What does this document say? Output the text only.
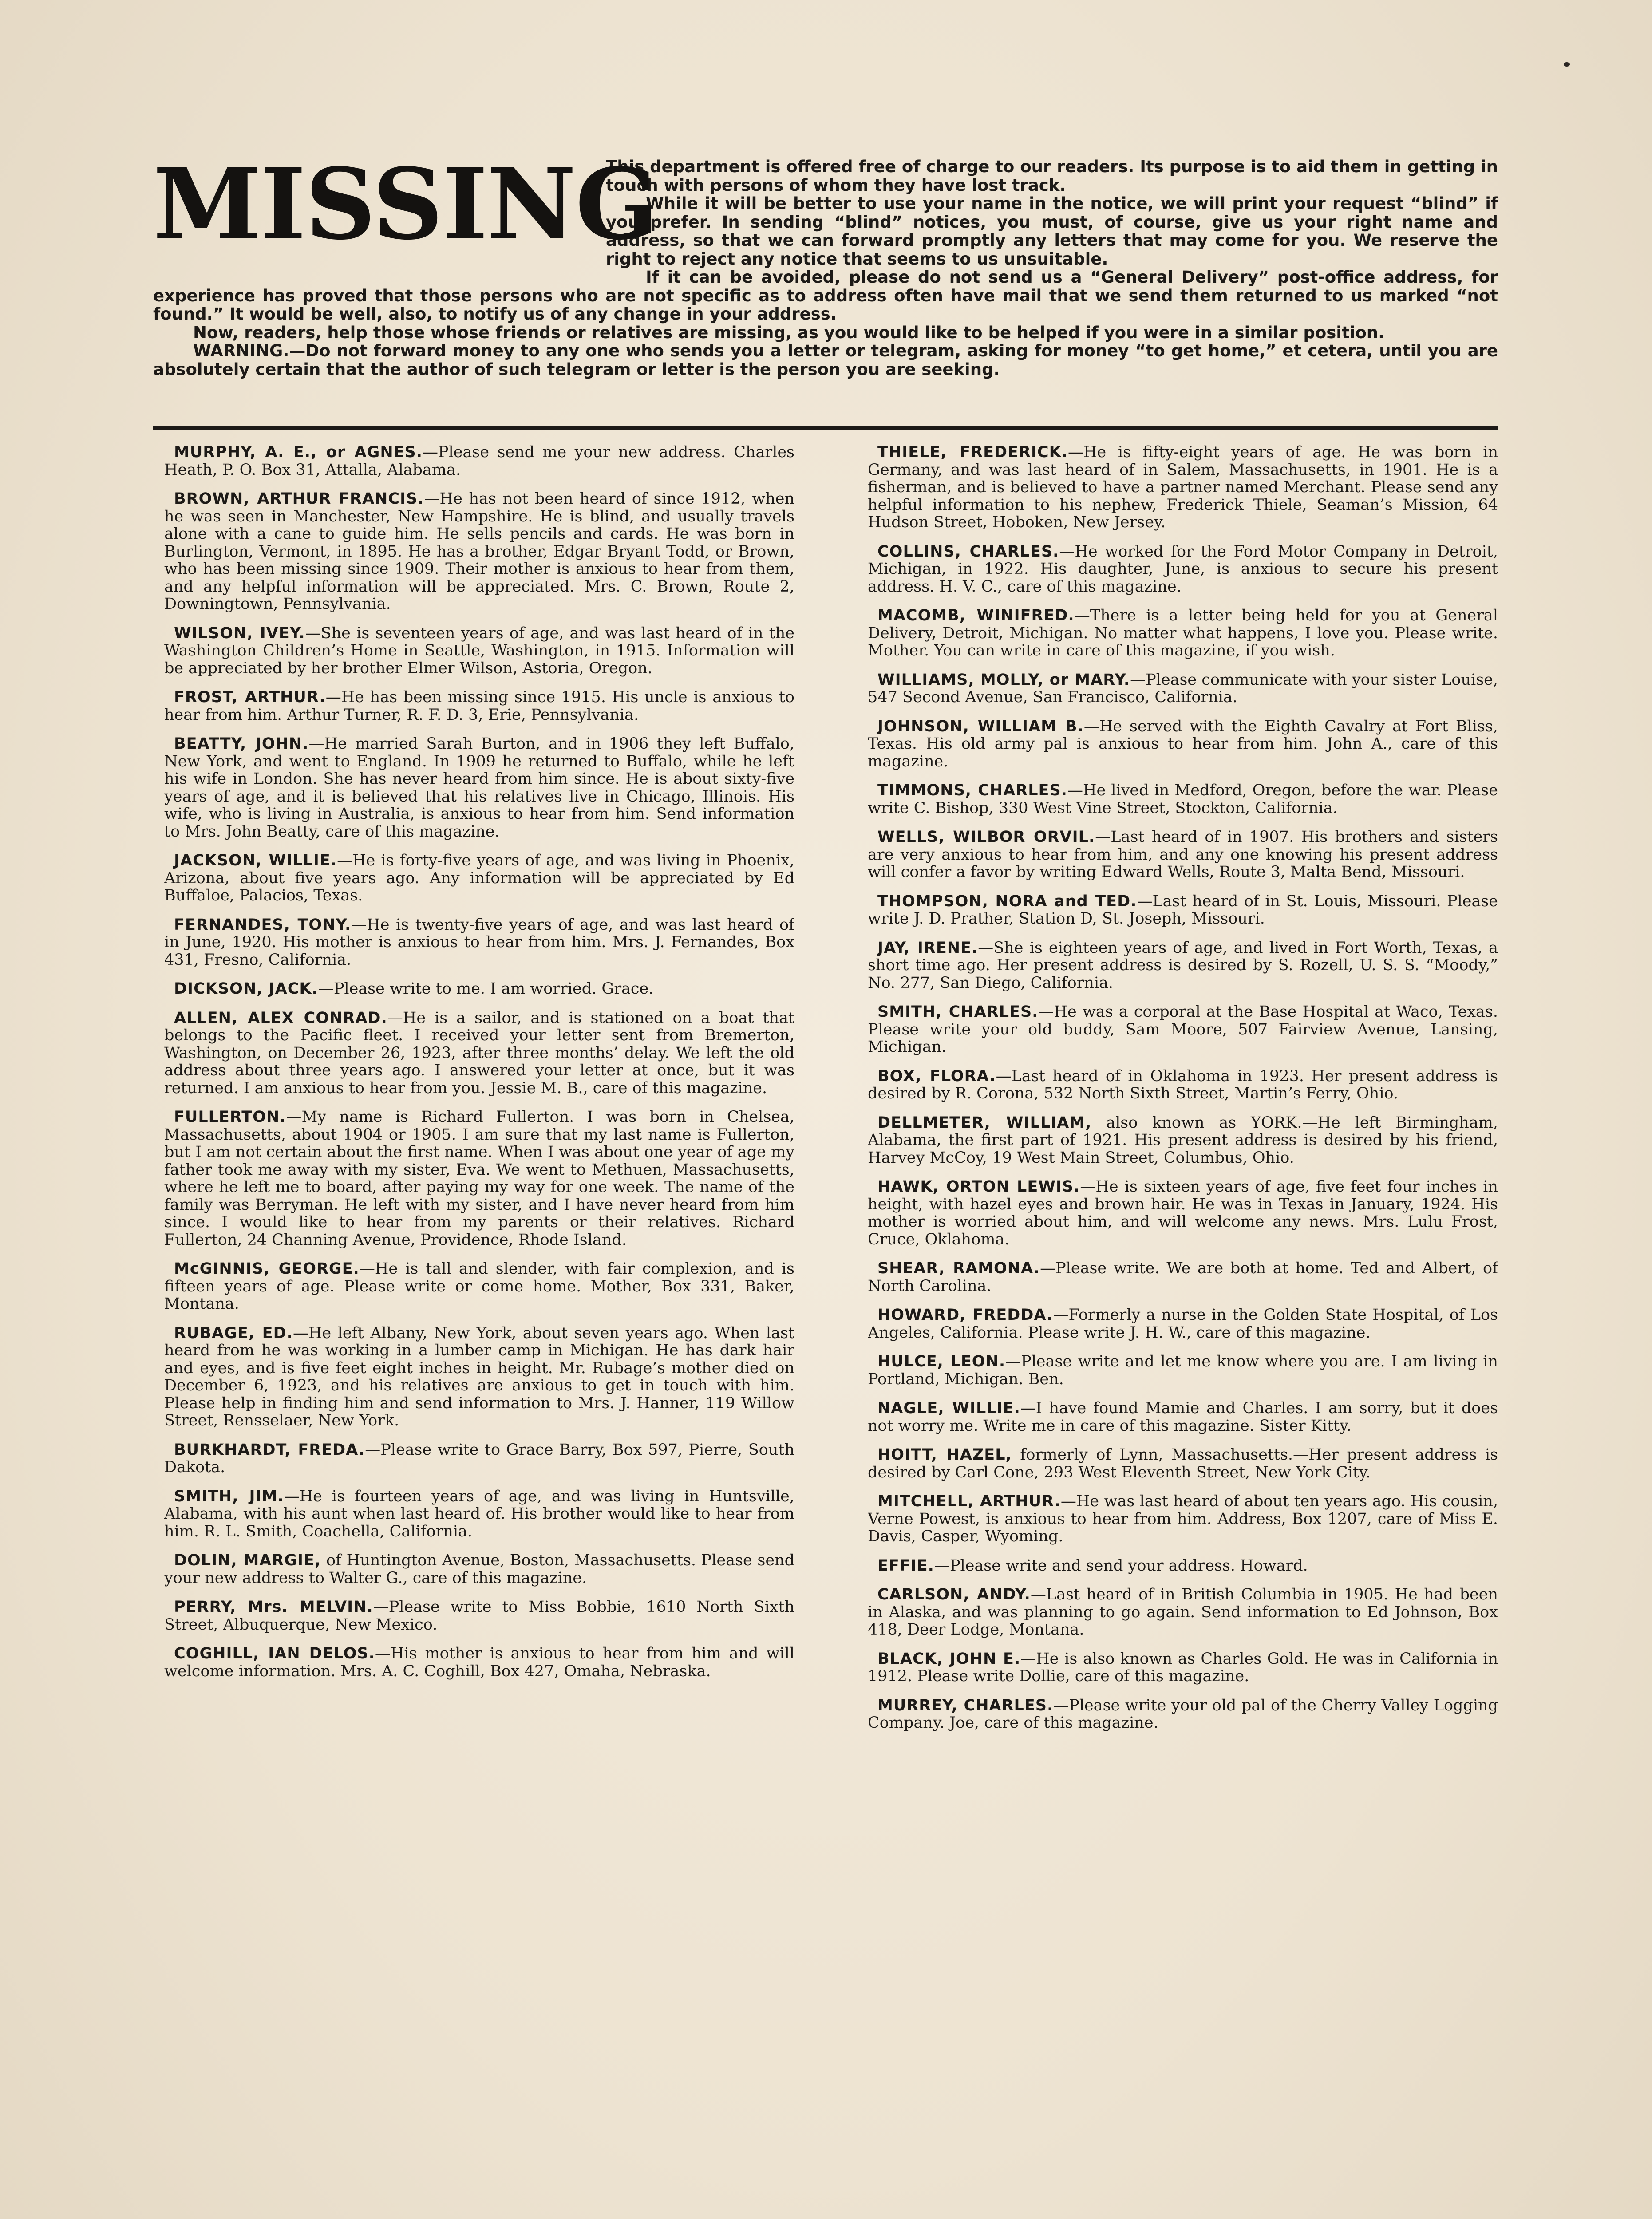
MISSING

This department is offered free of charge to our readers. Its purpose is to aid them in getting in touch with persons of whom they have lost track.

While it will be better to use your name in the notice, we will print your request “blind” if you prefer. In sending “blind” notices, you must, of course, give us your right name and address, so that we can forward promptly any letters that may come for you. We reserve the right to reject any notice that seems to us unsuitable.

If it can be avoided, please do not send us a “General Delivery” post-office address, for experience has proved that those persons who are not specific as to address often have mail that we send them returned to us marked “not found.” It would be well, also, to notify us of any change in your address.

Now, readers, help those whose friends or relatives are missing, as you would like to be helped if you were in a similar position.

WARNING.—Do not forward money to any one who sends you a letter or telegram, asking for money “to get home,” et cetera, until you are absolutely certain that the author of such telegram or letter is the person you are seeking.

MURPHY, A. E., or AGNES.—Please send me your new address. Charles Heath, P. O. Box 31, Attalla, Alabama.

BROWN, ARTHUR FRANCIS.—He has not been heard of since 1912, when he was seen in Manchester, New Hampshire. He is blind, and usually travels alone with a cane to guide him. He sells pencils and cards. He was born in Burlington, Vermont, in 1895. He has a brother, Edgar Bryant Todd, or Brown, who has been missing since 1909. Their mother is anxious to hear from them, and any helpful information will be appreciated. Mrs. C. Brown, Route 2, Downingtown, Pennsylvania.

WILSON, IVEY.—She is seventeen years of age, and was last heard of in the Washington Children’s Home in Seattle, Washington, in 1915. Information will be appreciated by her brother Elmer Wilson, Astoria, Oregon.

FROST, ARTHUR.—He has been missing since 1915. His uncle is anxious to hear from him. Arthur Turner, R. F. D. 3, Erie, Pennsylvania.

BEATTY, JOHN.—He married Sarah Burton, and in 1906 they left Buffalo, New York, and went to England. In 1909 he returned to Buffalo, while he left his wife in London. She has never heard from him since. He is about sixty-five years of age, and it is believed that his relatives live in Chicago, Illinois. His wife, who is living in Australia, is anxious to hear from him. Send information to Mrs. John Beatty, care of this magazine.

JACKSON, WILLIE.—He is forty-five years of age, and was living in Phoenix, Arizona, about five years ago. Any information will be appreciated by Ed Buffaloe, Palacios, Texas.

FERNANDES, TONY.—He is twenty-five years of age, and was last heard of in June, 1920. His mother is anxious to hear from him. Mrs. J. Fernandes, Box 431, Fresno, California.

DICKSON, JACK.—Please write to me. I am worried. Grace.

ALLEN, ALEX CONRAD.—He is a sailor, and is stationed on a boat that belongs to the Pacific fleet. I received your letter sent from Bremerton, Washington, on December 26, 1923, after three months’ delay. We left the old address about three years ago. I answered your letter at once, but it was returned. I am anxious to hear from you. Jessie M. B., care of this magazine.

FULLERTON.—My name is Richard Fullerton. I was born in Chelsea, Massachusetts, about 1904 or 1905. I am sure that my last name is Fullerton, but I am not certain about the first name. When I was about one year of age my father took me away with my sister, Eva. We went to Methuen, Massachusetts, where he left me to board, after paying my way for one week. The name of the family was Berryman. He left with my sister, and I have never heard from him since. I would like to hear from my parents or their relatives. Richard Fullerton, 24 Channing Avenue, Providence, Rhode Island.

McGINNIS, GEORGE.—He is tall and slender, with fair complexion, and is fifteen years of age. Please write or come home. Mother, Box 331, Baker, Montana.

RUBAGE, ED.—He left Albany, New York, about seven years ago. When last heard from he was working in a lumber camp in Michigan. He has dark hair and eyes, and is five feet eight inches in height. Mr. Rubage’s mother died on December 6, 1923, and his relatives are anxious to get in touch with him. Please help in finding him and send information to Mrs. J. Hanner, 119 Willow Street, Rensselaer, New York.

BURKHARDT, FREDA.—Please write to Grace Barry, Box 597, Pierre, South Dakota.

SMITH, JIM.—He is fourteen years of age, and was living in Huntsville, Alabama, with his aunt when last heard of. His brother would like to hear from him. R. L. Smith, Coachella, California.

DOLIN, MARGIE, of Huntington Avenue, Boston, Massachusetts. Please send your new address to Walter G., care of this magazine.

PERRY, Mrs. MELVIN.—Please write to Miss Bobbie, 1610 North Sixth Street, Albuquerque, New Mexico.

COGHILL, IAN DELOS.—His mother is anxious to hear from him and will welcome information. Mrs. A. C. Coghill, Box 427, Omaha, Nebraska.

THIELE, FREDERICK.—He is fifty-eight years of age. He was born in Germany, and was last heard of in Salem, Massachusetts, in 1901. He is a fisherman, and is believed to have a partner named Merchant. Please send any helpful information to his nephew, Frederick Thiele, Seaman’s Mission, 64 Hudson Street, Hoboken, New Jersey.

COLLINS, CHARLES.—He worked for the Ford Motor Company in Detroit, Michigan, in 1922. His daughter, June, is anxious to secure his present address. H. V. C., care of this magazine.

MACOMB, WINIFRED.—There is a letter being held for you at General Delivery, Detroit, Michigan. No matter what happens, I love you. Please write. Mother. You can write in care of this magazine, if you wish.

WILLIAMS, MOLLY, or MARY.—Please communicate with your sister Louise, 547 Second Avenue, San Francisco, California.

JOHNSON, WILLIAM B.—He served with the Eighth Cavalry at Fort Bliss, Texas. His old army pal is anxious to hear from him. John A., care of this magazine.

TIMMONS, CHARLES.—He lived in Medford, Oregon, before the war. Please write C. Bishop, 330 West Vine Street, Stockton, California.

WELLS, WILBOR ORVIL.—Last heard of in 1907. His brothers and sisters are very anxious to hear from him, and any one knowing his present address will confer a favor by writing Edward Wells, Route 3, Malta Bend, Missouri.

THOMPSON, NORA and TED.—Last heard of in St. Louis, Missouri. Please write J. D. Prather, Station D, St. Joseph, Missouri.

JAY, IRENE.—She is eighteen years of age, and lived in Fort Worth, Texas, a short time ago. Her present address is desired by S. Rozell, U. S. S. “Moody,” No. 277, San Diego, California.

SMITH, CHARLES.—He was a corporal at the Base Hospital at Waco, Texas. Please write your old buddy, Sam Moore, 507 Fairview Avenue, Lansing, Michigan.

BOX, FLORA.—Last heard of in Oklahoma in 1923. Her present address is desired by R. Corona, 532 North Sixth Street, Martin’s Ferry, Ohio.

DELLMETER, WILLIAM, also known as YORK.—He left Birmingham, Alabama, the first part of 1921. His present address is desired by his friend, Harvey McCoy, 19 West Main Street, Columbus, Ohio.

HAWK, ORTON LEWIS.—He is sixteen years of age, five feet four inches in height, with hazel eyes and brown hair. He was in Texas in January, 1924. His mother is worried about him, and will welcome any news. Mrs. Lulu Frost, Cruce, Oklahoma.

SHEAR, RAMONA.—Please write. We are both at home. Ted and Albert, of North Carolina.

HOWARD, FREDDA.—Formerly a nurse in the Golden State Hospital, of Los Angeles, California. Please write J. H. W., care of this magazine.

HULCE, LEON.—Please write and let me know where you are. I am living in Portland, Michigan. Ben.

NAGLE, WILLIE.—I have found Mamie and Charles. I am sorry, but it does not worry me. Write me in care of this magazine. Sister Kitty.

HOITT, HAZEL, formerly of Lynn, Massachusetts.—Her present address is desired by Carl Cone, 293 West Eleventh Street, New York City.

MITCHELL, ARTHUR.—He was last heard of about ten years ago. His cousin, Verne Powest, is anxious to hear from him. Address, Box 1207, care of Miss E. Davis, Casper, Wyoming.

EFFIE.—Please write and send your address. Howard.

CARLSON, ANDY.—Last heard of in British Columbia in 1905. He had been in Alaska, and was planning to go again. Send information to Ed Johnson, Box 418, Deer Lodge, Montana.

BLACK, JOHN E.—He is also known as Charles Gold. He was in California in 1912. Please write Dollie, care of this magazine.

MURREY, CHARLES.—Please write your old pal of the Cherry Valley Logging Company. Joe, care of this magazine.
